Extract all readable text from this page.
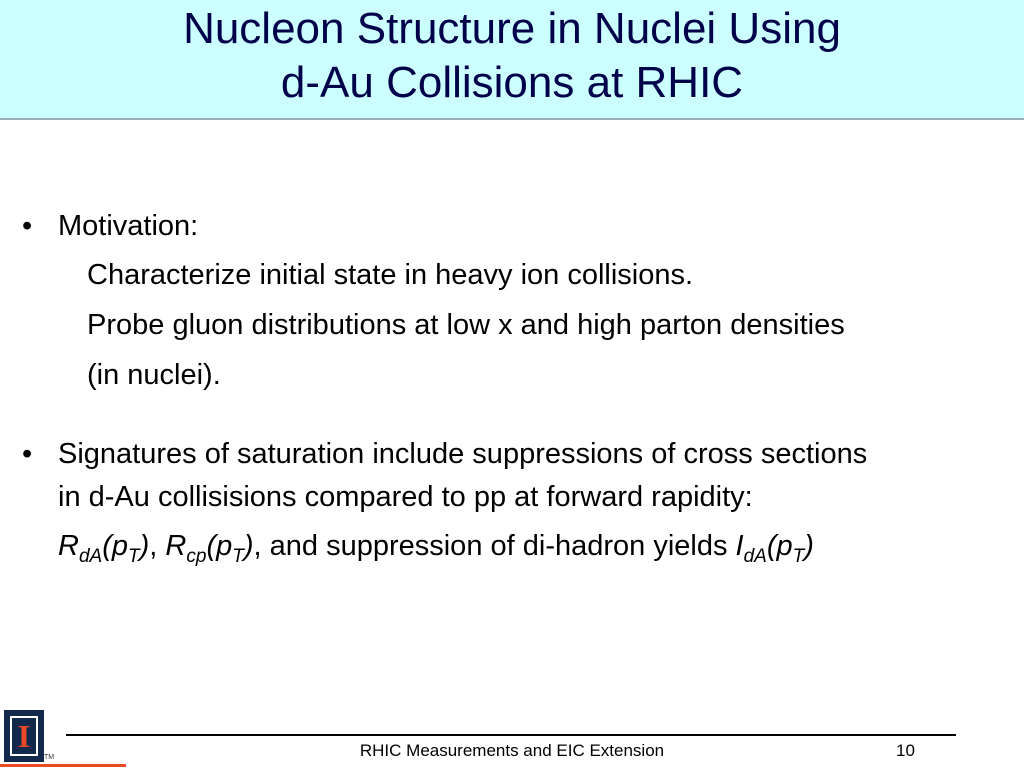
Nucleon Structure in Nuclei Using
d-Au Collisions at RHIC
• Motivation:
Characterize initial state in heavy ion collisions.
Probe gluon distributions at low x and high parton densities
(in nuclei).
• Signatures of saturation include suppressions of cross sections
in d-Au collisisions compared to pp at forward rapidity:
$R_{dA}(p_T)$, $R_{cp}(p_T)$, and suppression of di-hadron yields $I_{dA}(p_T)$
I
TM	RHIC Measurements and EIC Extension	10
